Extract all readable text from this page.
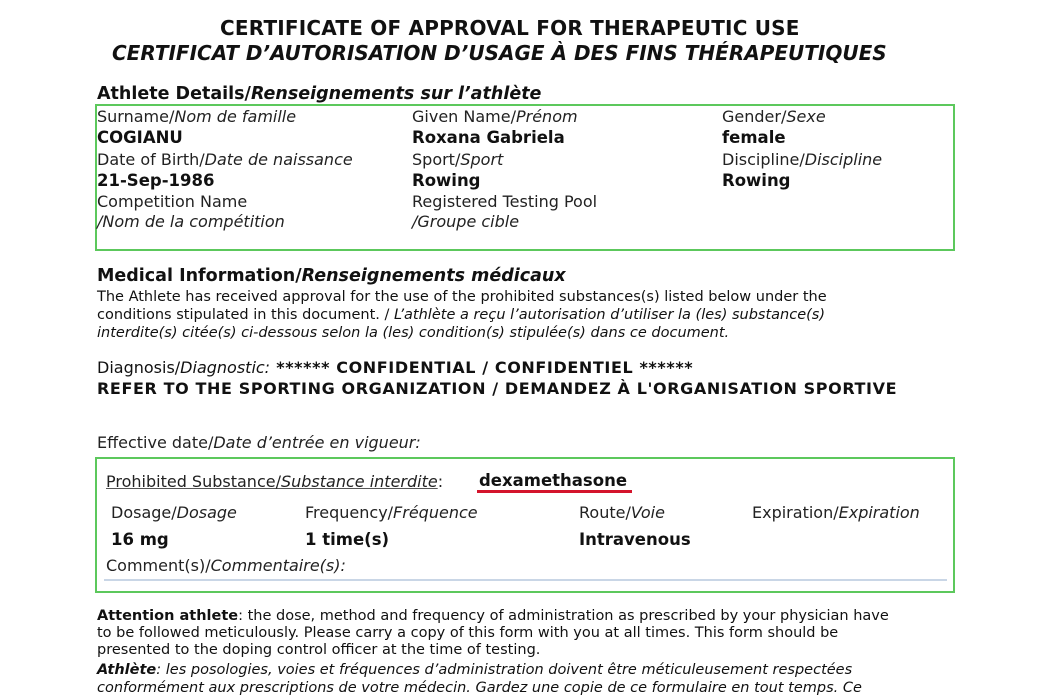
CERTIFICATE OF APPROVAL FOR THERAPEUTIC USE
CERTIFICAT D’AUTORISATION D’USAGE À DES FINS THÉRAPEUTIQUES
Athlete Details/Renseignements sur l’athlète
Surname/Nom de famille
COGIANU
Given Name/Prénom
Roxana Gabriela
Gender/Sexe
female
Date of Birth/Date de naissance
21-Sep-1986
Sport/Sport
Rowing
Discipline/Discipline
Rowing
Competition Name
/Nom de la compétition
Registered Testing Pool
/Groupe cible
Medical Information/Renseignements médicaux
The Athlete has received approval for the use of the prohibited substances(s) listed below under the
conditions stipulated in this document. / L’athlète a reçu l’autorisation d’utiliser la (les) substance(s)
interdite(s) citée(s) ci-dessous selon la (les) condition(s) stipulée(s) dans ce document.
Diagnosis/Diagnostic: ****** CONFIDENTIAL / CONFIDENTIEL ******
REFER TO THE SPORTING ORGANIZATION / DEMANDEZ À L'ORGANISATION SPORTIVE
Effective date/Date d’entrée en vigueur:
Prohibited Substance/Substance interdite: dexamethasone
Dosage/Dosage
16 mg
Frequency/Fréquence
1 time(s)
Route/Voie
Intravenous
Expiration/Expiration
Comment(s)/Commentaire(s):
Attention athlete: the dose, method and frequency of administration as prescribed by your physician have
to be followed meticulously. Please carry a copy of this form with you at all times. This form should be
presented to the doping control officer at the time of testing.
Athlète: les posologies, voies et fréquences d’administration doivent être méticuleusement respectées
conformément aux prescriptions de votre médecin. Gardez une copie de ce formulaire en tout temps. Ce
